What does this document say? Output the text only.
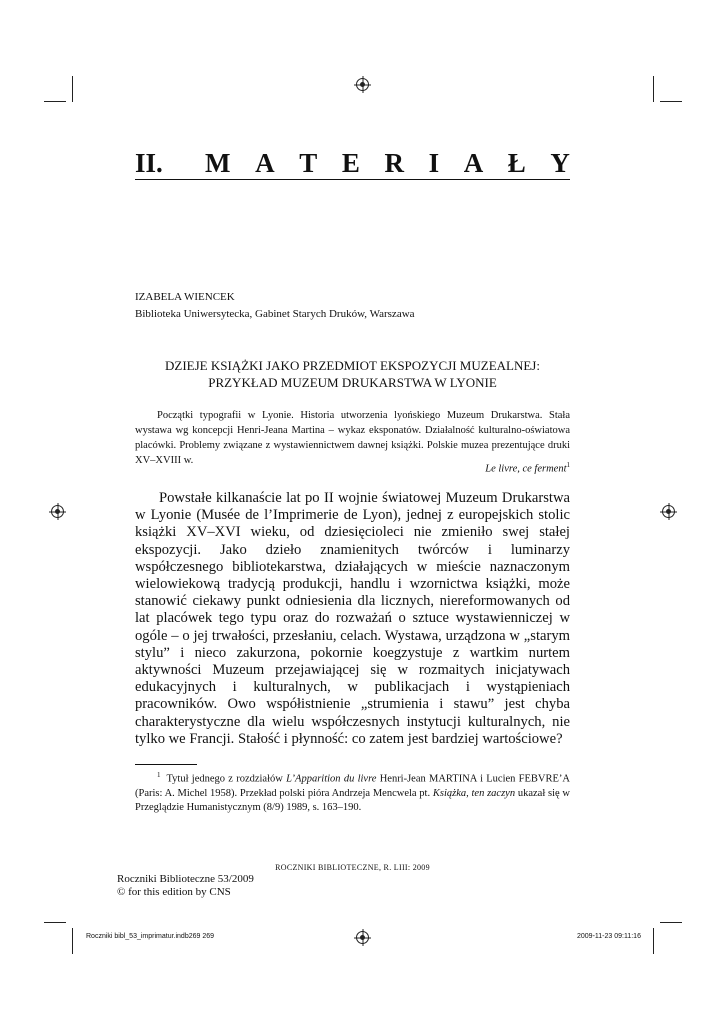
II. M A T E R I A Ł Y
IZABELA WIENCEK
Biblioteka Uniwersytecka, Gabinet Starych Druków, Warszawa
DZIEJE KSIĄŻKI JAKO PRZEDMIOT EKSPOZYCJI MUZEALNEJ:
PRZYKŁAD MUZEUM DRUKARSTWA W LYONIE
Początki typografii w Lyonie. Historia utworzenia lyońskiego Muzeum Drukarstwa. Stała wystawa wg koncepcji Henri-Jeana Martina – wykaz eksponatów. Działalność kulturalno-oświatowa placówki. Problemy związane z wystawiennictwem dawnej książki. Polskie muzea prezentujące druki XV–XVIII w.
Le livre, ce ferment$^1$
Powstałe kilkanaście lat po II wojnie światowej Muzeum Drukarstwa w Lyonie (Musée de l’Imprimerie de Lyon), jednej z europejskich stolic książki XV–XVI wieku, od dziesięcioleci nie zmieniło swej stałej ekspozycji. Jako dzieło znamienitych twórców i luminarzy współczesnego bibliotekarstwa, działających w mieście naznaczonym wielowiekową tradycją produkcji, handlu i wzornictwa książki, może stanowić ciekawy punkt odniesienia dla licznych, niereformowanych od lat placówek tego typu oraz do rozważań o sztuce wystawienniczej w ogóle – o jej trwałości, przesłaniu, celach. Wystawa, urządzona w „starym stylu” i nieco zakurzona, pokornie koegzystuje z wartkim nurtem aktywności Muzeum przejawiającej się w rozmaitych inicjatywach edukacyjnych i kulturalnych, w publikacjach i wystąpieniach pracowników. Owo współistnienie „strumienia i stawu” jest chyba charakterystyczne dla wielu współczesnych instytucji kulturalnych, nie tylko we Francji. Stałość i płynność: co zatem jest bardziej wartościowe?
$^1$ Tytuł jednego z rozdziałów L’Apparition du livre Henri-Jean MARTINA i Lucien FEBVRE’A (Paris: A. Michel 1958). Przekład polski pióra Andrzeja Mencwela pt. Książka, ten zaczyn ukazał się w Przeglądzie Humanistycznym (8/9) 1989, s. 163–190.
ROCZNIKI BIBLIOTECZNE, R. LIII: 2009
Roczniki Biblioteczne 53/2009
© for this edition by CNS
Roczniki bibl_53_imprimatur.indb269 269	2009-11-23 09:11:16
